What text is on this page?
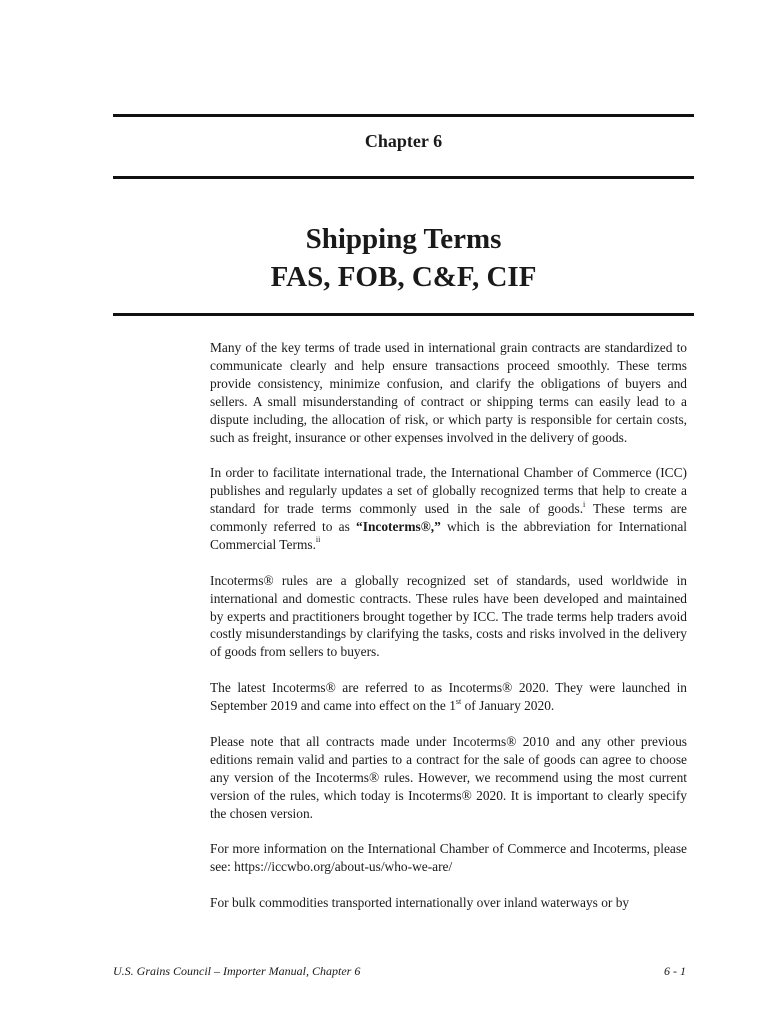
Chapter 6
Shipping Terms
FAS, FOB, C&F, CIF

Many of the key terms of trade used in international grain contracts are standardized to communicate clearly and help ensure transactions proceed smoothly. These terms provide consistency, minimize confusion, and clarify the obligations of buyers and sellers. A small misunderstanding of contract or shipping terms can easily lead to a dispute including, the allocation of risk, or which party is responsible for certain costs, such as freight, insurance or other expenses involved in the delivery of goods.

In order to facilitate international trade, the International Chamber of Commerce (ICC) publishes and regularly updates a set of globally recognized terms that help to create a standard for trade terms commonly used in the sale of goods.$^i$ These terms are commonly referred to as “Incoterms®,” which is the abbreviation for International Commercial Terms.$^{ii}$

Incoterms® rules are a globally recognized set of standards, used worldwide in international and domestic contracts. These rules have been developed and maintained by experts and practitioners brought together by ICC. The trade terms help traders avoid costly misunderstandings by clarifying the tasks, costs and risks involved in the delivery of goods from sellers to buyers.

The latest Incoterms® are referred to as Incoterms® 2020. They were launched in September 2019 and came into effect on the 1st of January 2020.

Please note that all contracts made under Incoterms® 2010 and any other previous editions remain valid and parties to a contract for the sale of goods can agree to choose any version of the Incoterms® rules. However, we recommend using the most current version of the rules, which today is Incoterms® 2020. It is important to clearly specify the chosen version.

For more information on the International Chamber of Commerce and Incoterms, please see: https://iccwbo.org/about-us/who-we-are/

For bulk commodities transported internationally over inland waterways or by

U.S. Grains Council – Importer Manual, Chapter 6	6 - 1
